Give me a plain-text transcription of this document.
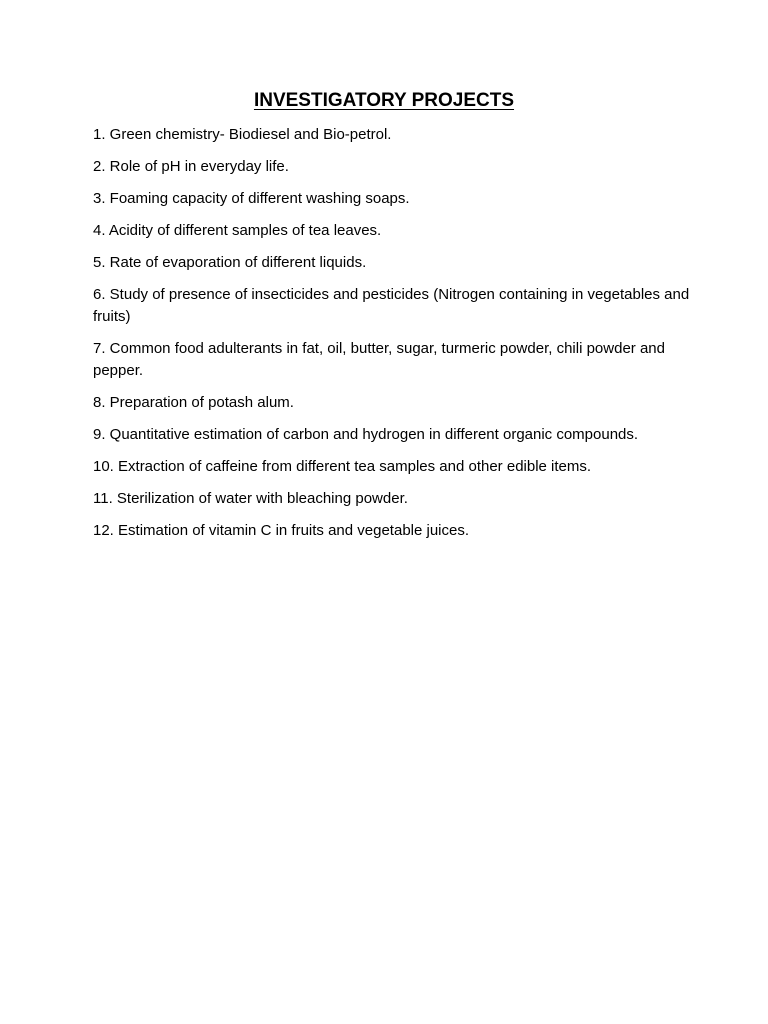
INVESTIGATORY PROJECTS
1. Green chemistry- Biodiesel and Bio-petrol.
2. Role of pH in everyday life.
3. Foaming capacity of different washing soaps.
4. Acidity of different samples of tea leaves.
5. Rate of evaporation of different liquids.
6. Study of presence of insecticides and pesticides (Nitrogen containing in vegetables and fruits)
7. Common food adulterants in fat, oil, butter, sugar, turmeric powder, chili powder and pepper.
8. Preparation of potash alum.
9. Quantitative estimation of carbon and hydrogen in different organic compounds.
10. Extraction of caffeine from different tea samples and other edible items.
11. Sterilization of water with bleaching powder.
12. Estimation of vitamin C in fruits and vegetable juices.
